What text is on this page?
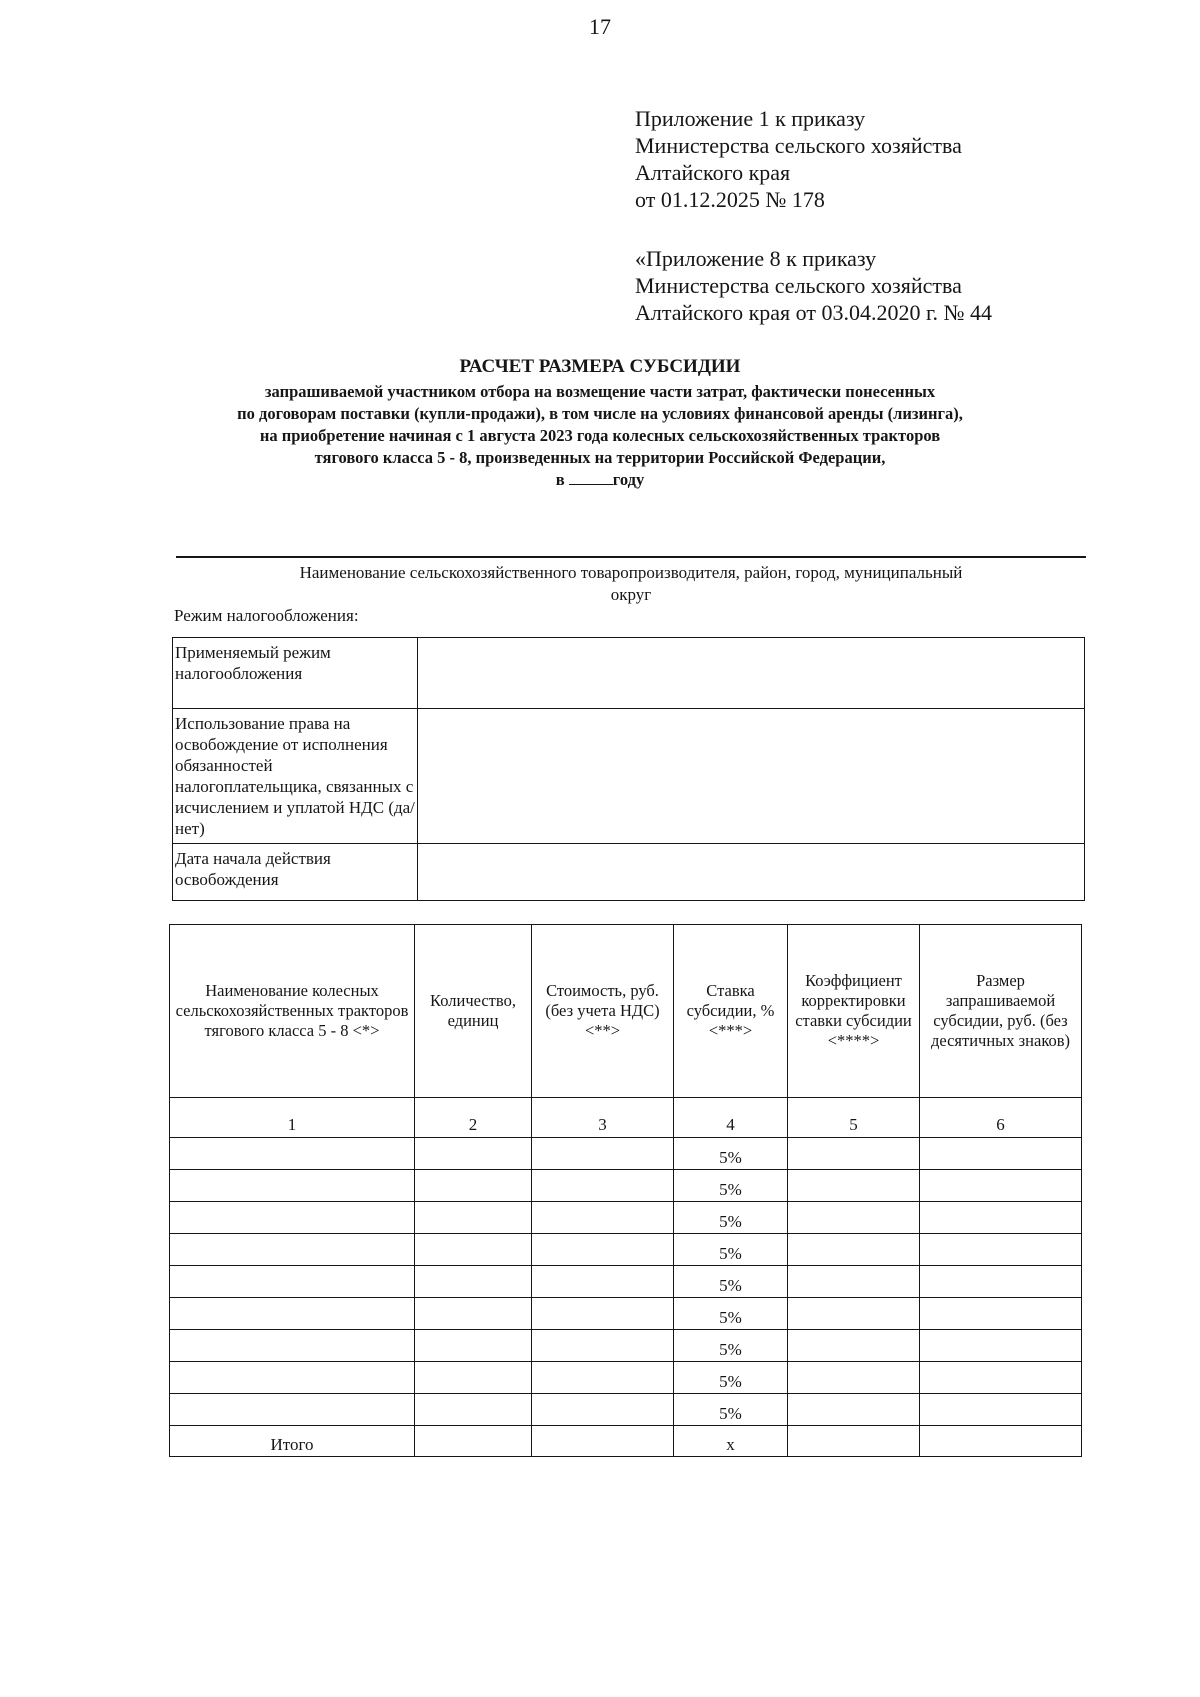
17
Приложение 1 к приказу
Министерства сельского хозяйства
Алтайского края
от 01.12.2025 № 178
«Приложение 8 к приказу
Министерства сельского хозяйства
Алтайского края от 03.04.2020 г. № 44
РАСЧЕТ РАЗМЕРА СУБСИДИИ
запрашиваемой участником отбора на возмещение части затрат, фактически понесенных
по договорам поставки (купли-продажи), в том числе на условиях финансовой аренды (лизинга),
на приобретение начиная с 1 августа 2023 года колесных сельскохозяйственных тракторов
тягового класса 5 - 8, произведенных на территории Российской Федерации,
в	году
Наименование сельскохозяйственного товаропроизводителя, район, город, муниципальный
округ
Режим налогообложения:
Применяемый режим налогообложения	
Использование права на освобождение от исполнения обязанностей налогоплательщика, связанных с исчислением и уплатой НДС (да/нет)	
Дата начала действия освобождения	
Наименование колесных сельскохозяйственных тракторов тягового класса 5 - 8 <*>	Количество, единиц	Стоимость, руб. (без учета НДС) <**>	Ставка субсидии, % <***>	Коэффициент корректировки ставки субсидии <****>	Размер запрашиваемой субсидии, руб. (без десятичных знаков)
1	2	3	4	5	6
			5%		
			5%		
			5%		
			5%		
			5%		
			5%		
			5%		
			5%		
			5%		
Итого			x		
